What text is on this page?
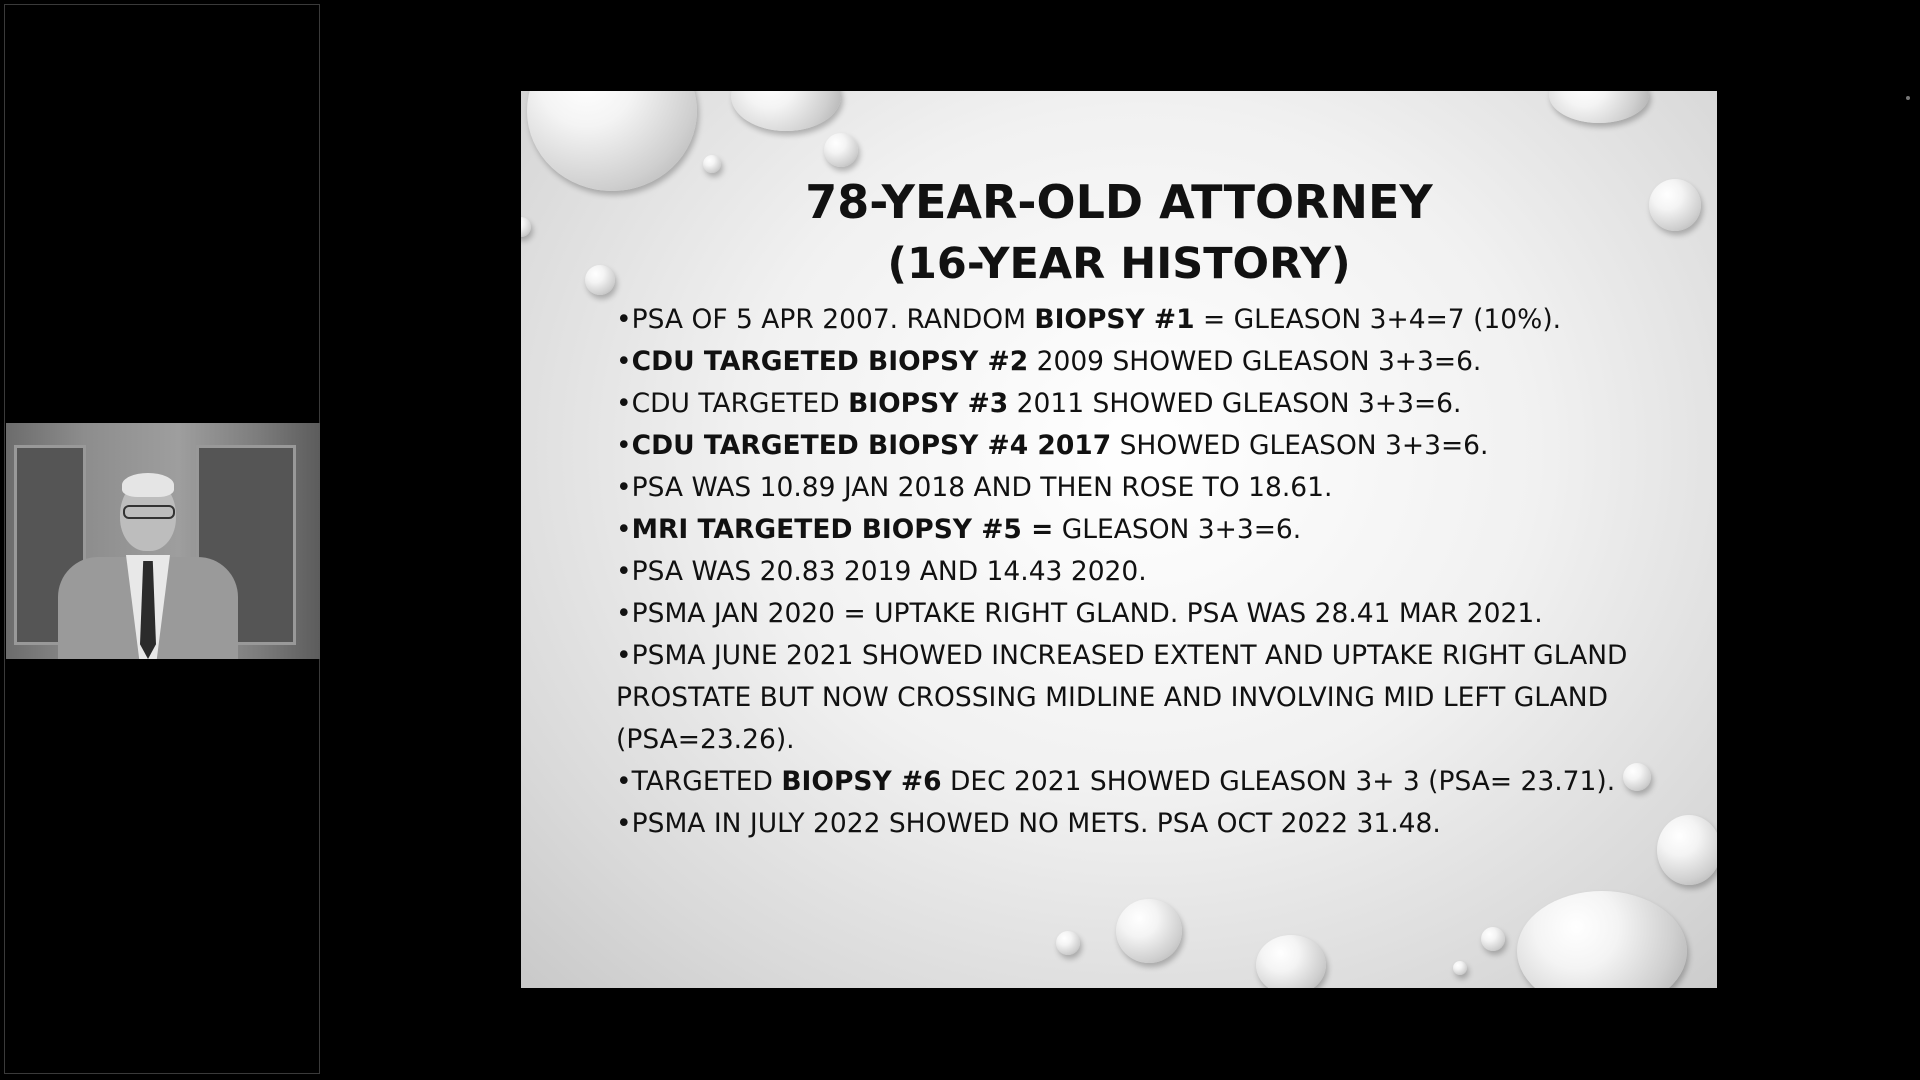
78-YEAR-OLD ATTORNEY
(16-YEAR HISTORY)
• PSA OF 5 APR 2007. RANDOM BIOPSY #1 = GLEASON 3+4=7 (10%).
• CDU TARGETED BIOPSY #2 2009 SHOWED GLEASON 3+3=6.
• CDU TARGETED BIOPSY #3 2011 SHOWED GLEASON 3+3=6.
• CDU TARGETED BIOPSY #4 2017 SHOWED GLEASON 3+3=6.
• PSA WAS 10.89 JAN 2018 AND THEN ROSE TO 18.61.
• MRI TARGETED BIOPSY #5 = GLEASON 3+3=6.
• PSA WAS 20.83 2019 AND 14.43 2020.
• PSMA JAN 2020 = UPTAKE RIGHT GLAND. PSA WAS 28.41 MAR 2021.
• PSMA JUNE 2021 SHOWED INCREASED EXTENT AND UPTAKE RIGHT GLAND PROSTATE BUT NOW CROSSING MIDLINE AND INVOLVING MID LEFT GLAND (PSA=23.26).
• TARGETED BIOPSY #6 DEC 2021 SHOWED GLEASON 3+ 3 (PSA= 23.71).
• PSMA IN JULY 2022 SHOWED NO METS. PSA OCT 2022 31.48.
